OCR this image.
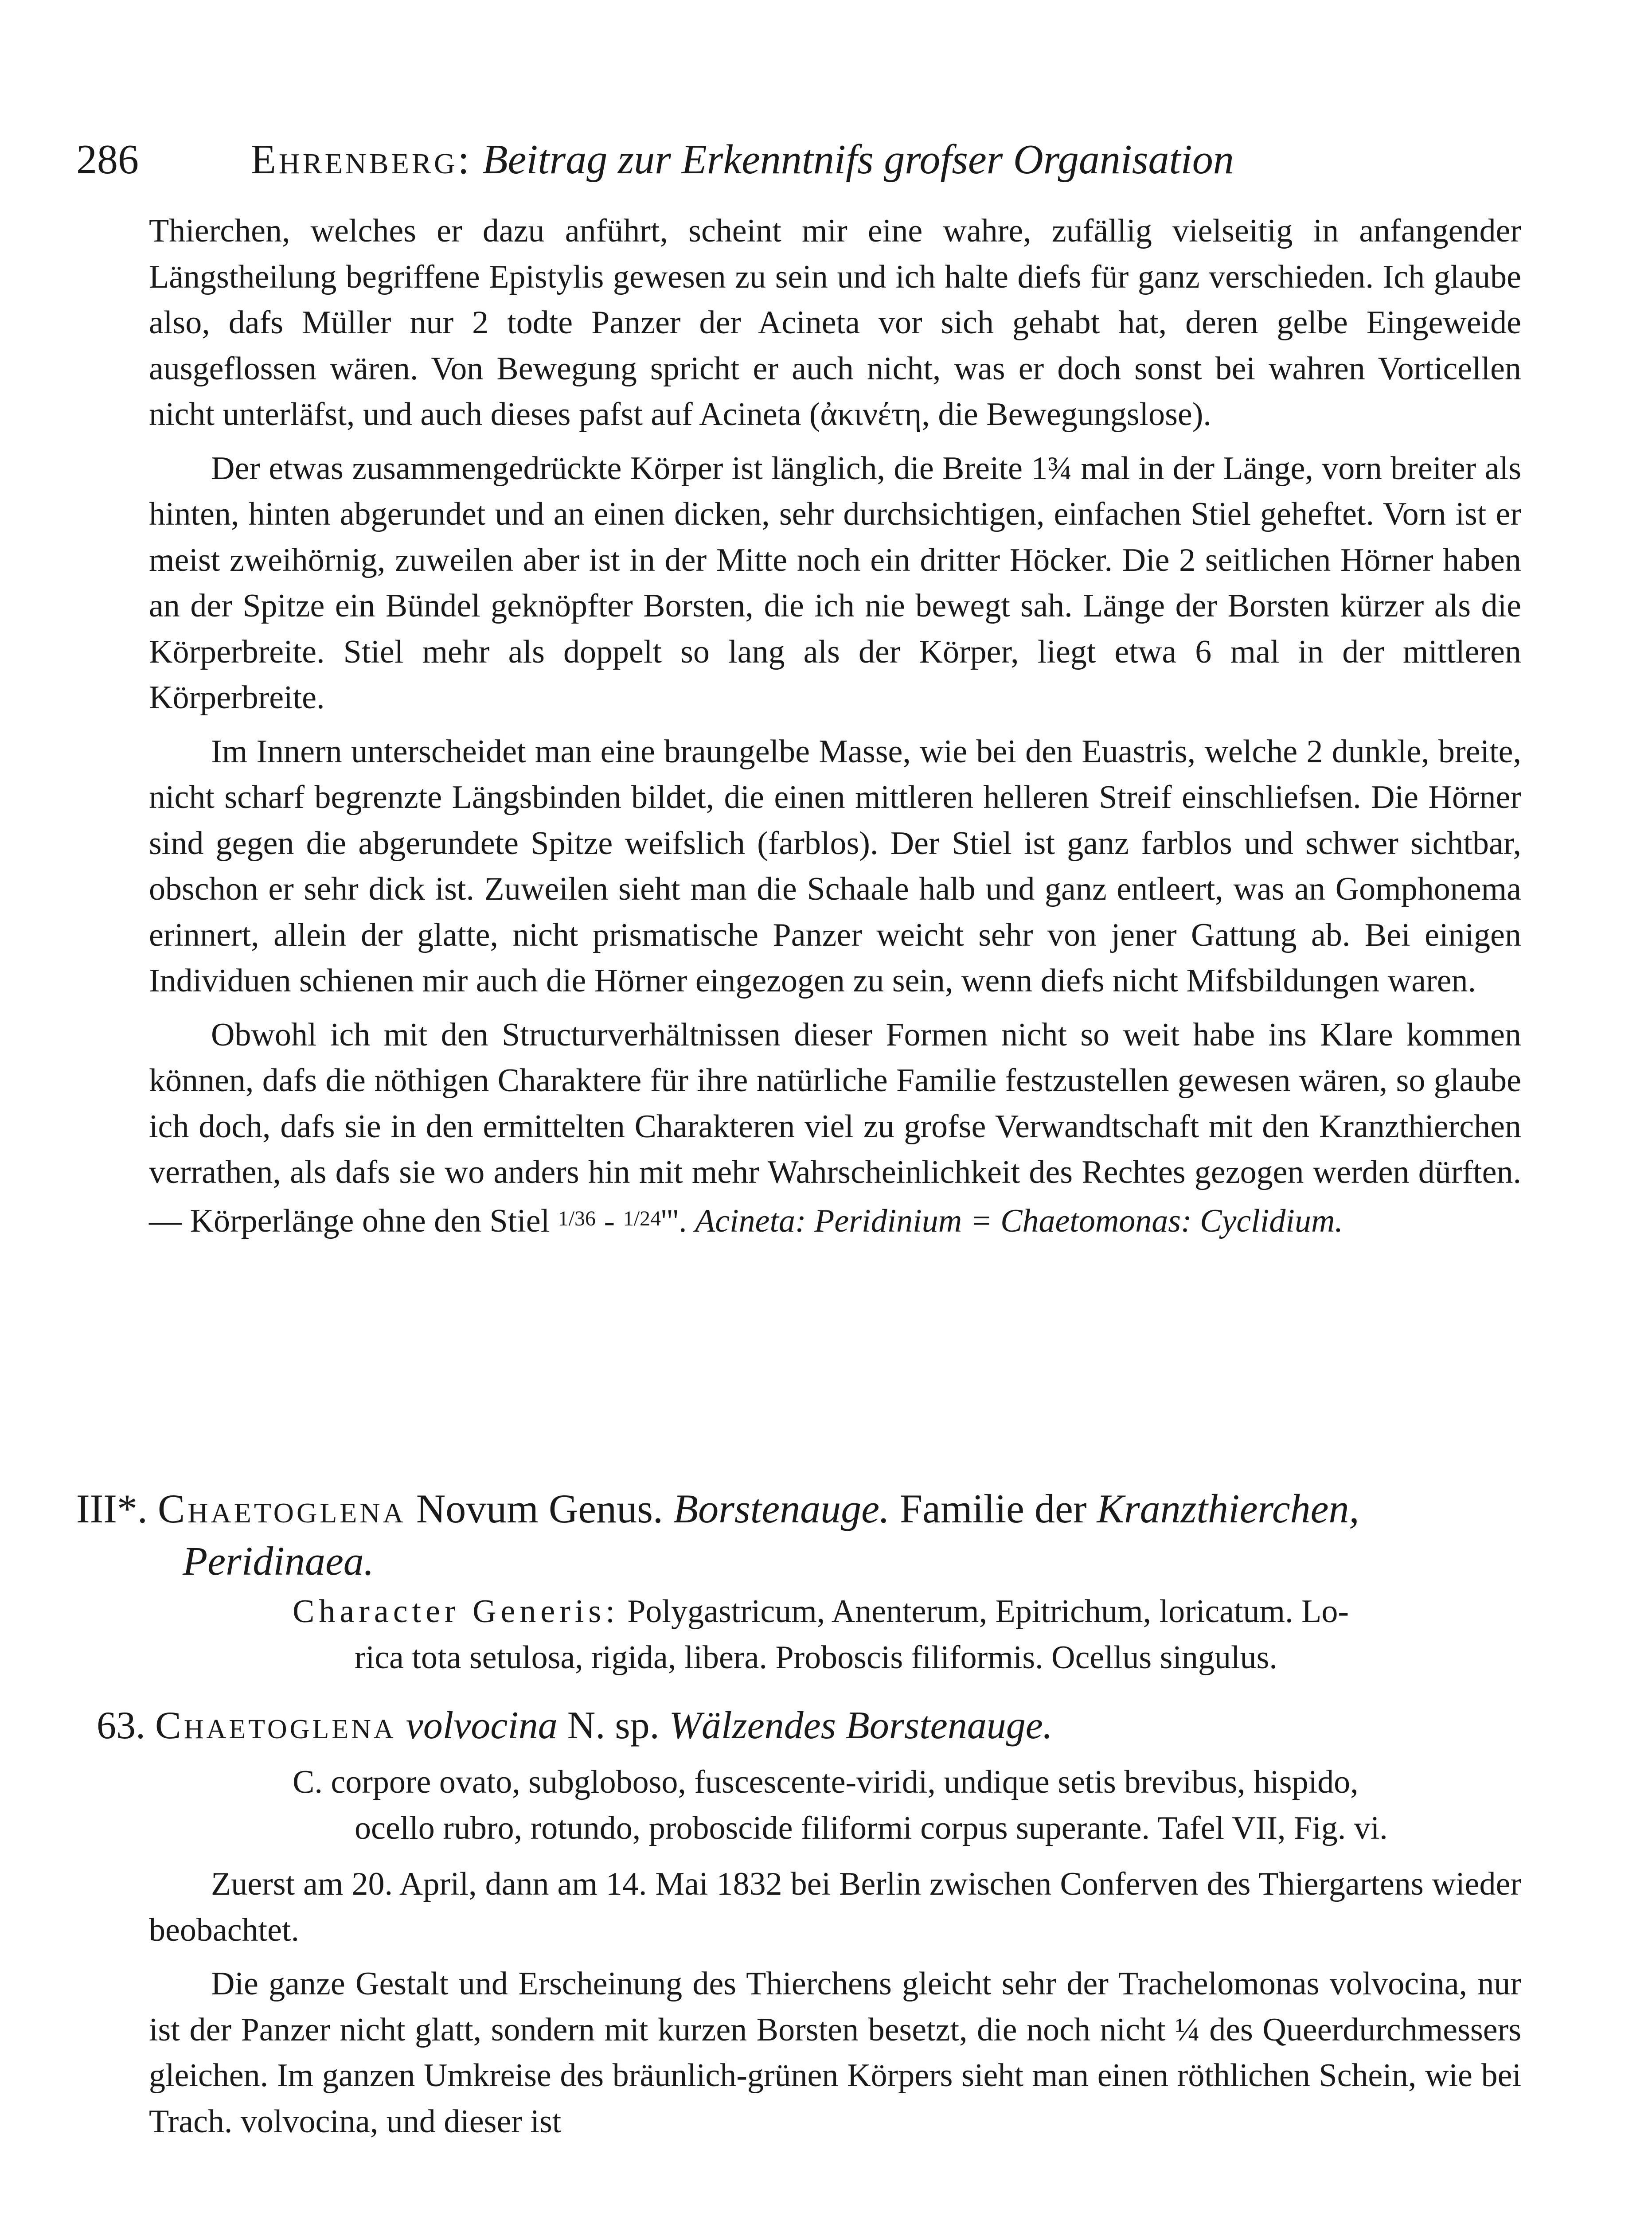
286	Ehrenberg: Beitrag zur Erkenntnifs grofser Organisation

Thierchen, welches er dazu anführt, scheint mir eine wahre, zufällig vielseitig in anfangender Längstheilung begriffene Epistylis gewesen zu sein und ich halte diefs für ganz verschieden. Ich glaube also, dafs Müller nur 2 todte Panzer der Acineta vor sich gehabt hat, deren gelbe Eingeweide ausgeflossen wären. Von Bewegung spricht er auch nicht, was er doch sonst bei wahren Vorticellen nicht unterläfst, und auch dieses pafst auf Acineta (ἀκινέτη, die Bewegungslose).

Der etwas zusammengedrückte Körper ist länglich, die Breite 1¾ mal in der Länge, vorn breiter als hinten, hinten abgerundet und an einen dicken, sehr durchsichtigen, einfachen Stiel geheftet. Vorn ist er meist zweihörnig, zuweilen aber ist in der Mitte noch ein dritter Höcker. Die 2 seitlichen Hörner haben an der Spitze ein Bündel geknöpfter Borsten, die ich nie bewegt sah. Länge der Borsten kürzer als die Körperbreite. Stiel mehr als doppelt so lang als der Körper, liegt etwa 6 mal in der mittleren Körperbreite.

Im Innern unterscheidet man eine braungelbe Masse, wie bei den Euastris, welche 2 dunkle, breite, nicht scharf begrenzte Längsbinden bildet, die einen mittleren helleren Streif einschliefsen. Die Hörner sind gegen die abgerundete Spitze weifslich (farblos). Der Stiel ist ganz farblos und schwer sichtbar, obschon er sehr dick ist. Zuweilen sieht man die Schaale halb und ganz entleert, was an Gomphonema erinnert, allein der glatte, nicht prismatische Panzer weicht sehr von jener Gattung ab. Bei einigen Individuen schienen mir auch die Hörner eingezogen zu sein, wenn diefs nicht Mifsbildungen waren.

Obwohl ich mit den Structurverhältnissen dieser Formen nicht so weit habe ins Klare kommen können, dafs die nöthigen Charaktere für ihre natürliche Familie festzustellen gewesen wären, so glaube ich doch, dafs sie in den ermittelten Charakteren viel zu grofse Verwandtschaft mit den Kranzthierchen verrathen, als dafs sie wo anders hin mit mehr Wahrscheinlichkeit des Rechtes gezogen werden dürften. — Körperlänge ohne den Stiel 1/36 - 1/24'''. Acineta: Peridinium = Chaetomonas: Cyclidium.

III*. Chaetoglena Novum Genus. Borstenauge. Familie der Kranzthierchen,
Peridinaea.
Character Generis: Polygastricum, Anenterum, Epitrichum, loricatum. Lo-
rica tota setulosa, rigida, libera. Proboscis filiformis. Ocellus singulus.
63. Chaetoglena volvocina N. sp. Wälzendes Borstenauge.
C. corpore ovato, subgloboso, fuscescente-viridi, undique setis brevibus, hispido,
ocello rubro, rotundo, proboscide filiformi corpus superante. Tafel VII, Fig. vi.

Zuerst am 20. April, dann am 14. Mai 1832 bei Berlin zwischen Conferven des Thiergartens wieder beobachtet.

Die ganze Gestalt und Erscheinung des Thierchens gleicht sehr der Trachelomonas volvocina, nur ist der Panzer nicht glatt, sondern mit kurzen Borsten besetzt, die noch nicht ¼ des Queerdurchmessers gleichen. Im ganzen Umkreise des bräunlich-grünen Körpers sieht man einen röthlichen Schein, wie bei Trach. volvocina, und dieser ist
